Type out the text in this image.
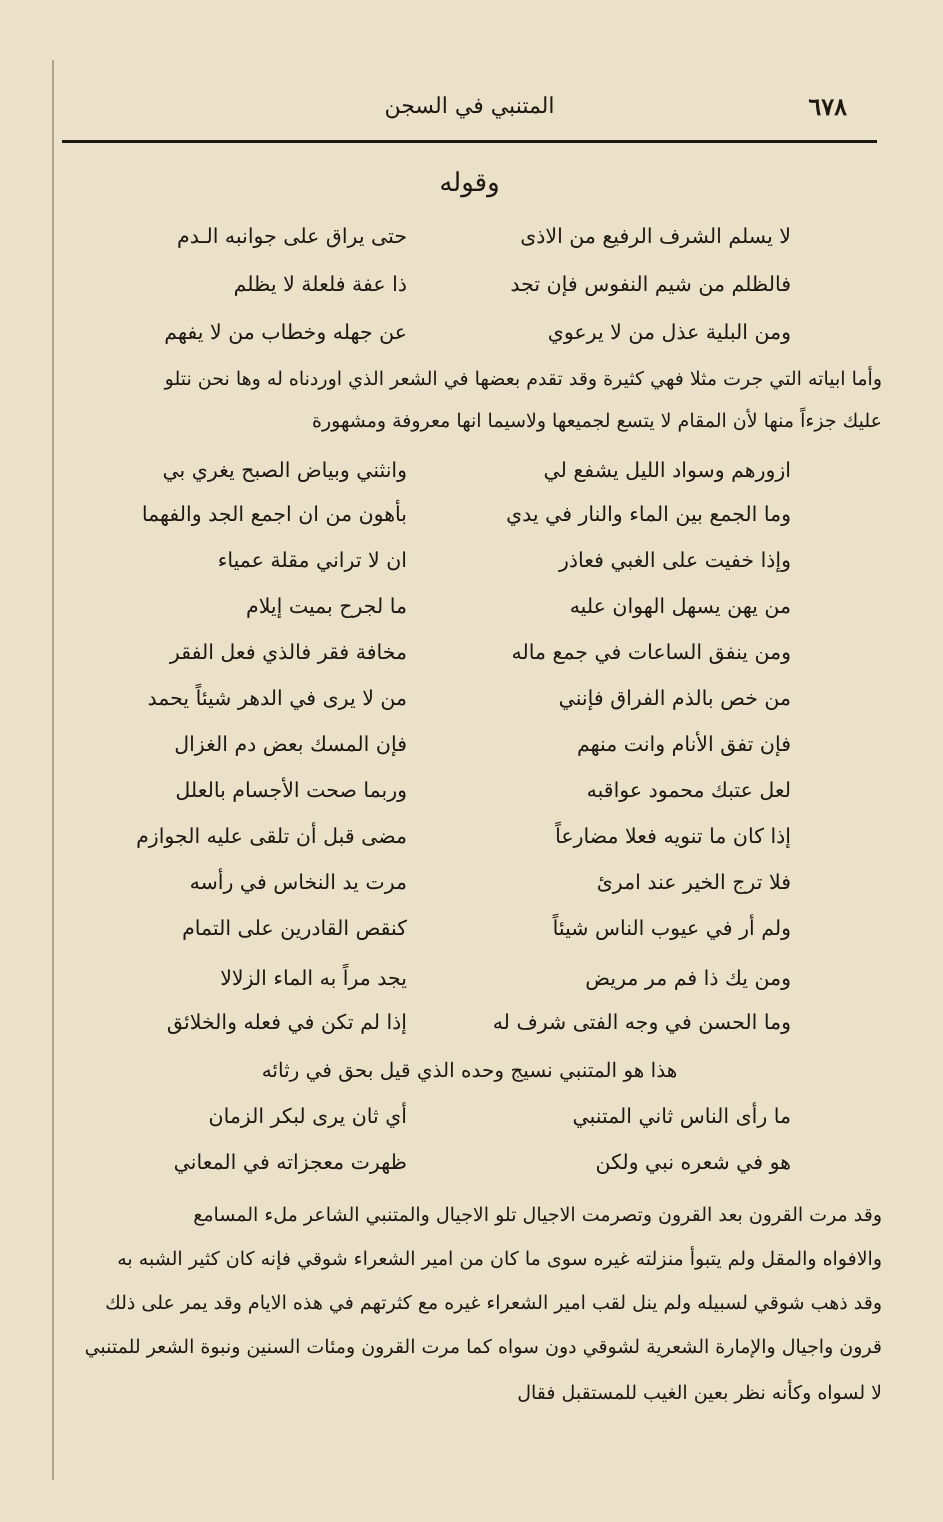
٦٧٨
المتنبي في السجن
وقوله
لا يسلم الشرف الرفيع من الاذى
حتى يراق على جوانبه الـدم
فالظلم من شيم النفوس فإن تجد
ذا عفة فلعلة لا يظلم
ومن البلية عذل من لا يرعوي
عن جهله وخطاب من لا يفهم
وأما ابياته التي جرت مثلا فهي كثيرة وقد تقدم بعضها في الشعر الذي اوردناه له وها نحن نتلو
عليك جزءاً منها لأن المقام لا يتسع لجميعها ولاسيما انها معروفة ومشهورة
ازورهم وسواد الليل يشفع لي
وانثني وبياض الصبح يغري بي
وما الجمع بين الماء والنار في يدي
بأهون من ان اجمع الجد والفهما
وإذا خفيت على الغبي فعاذر
ان لا تراني مقلة عمياء
من يهن يسهل الهوان عليه
ما لجرح بميت إيلام
ومن ينفق الساعات في جمع ماله
مخافة فقر فالذي فعل الفقر
من خص بالذم الفراق فإنني
من لا يرى في الدهر شيئاً يحمد
فإن تفق الأنام وانت منهم
فإن المسك بعض دم الغزال
لعل عتبك محمود عواقبه
وربما صحت الأجسام بالعلل
إذا كان ما تنويه فعلا مضارعاً
مضى قبل أن تلقى عليه الجوازم
فلا ترج الخير عند امرئ
مرت يد النخاس في رأسه
ولم أر في عيوب الناس شيئاً
كنقص القادرين على التمام
ومن يك ذا فم مر مريض
يجد مراً به الماء الزلالا
وما الحسن في وجه الفتى شرف له
إذا لم تكن في فعله والخلائق
هذا هو المتنبي نسيج وحده الذي قيل بحق في رثائه
ما رأى الناس ثاني المتنبي
أي ثان يرى لبكر الزمان
هو في شعره نبي ولكن
ظهرت معجزاته في المعاني
وقد مرت القرون بعد القرون وتصرمت الاجيال تلو الاجيال والمتنبي الشاعر ملء المسامع
والافواه والمقل ولم يتبوأ منزلته غيره سوى ما كان من امير الشعراء شوقي فإنه كان كثير الشبه به
وقد ذهب شوقي لسبيله ولم ينل لقب امير الشعراء غيره مع كثرتهم في هذه الايام وقد يمر على ذلك
قرون واجيال والإمارة الشعرية لشوقي دون سواه كما مرت القرون ومئات السنين ونبوة الشعر للمتنبي
لا لسواه وكأنه نظر بعين الغيب للمستقبل فقال
